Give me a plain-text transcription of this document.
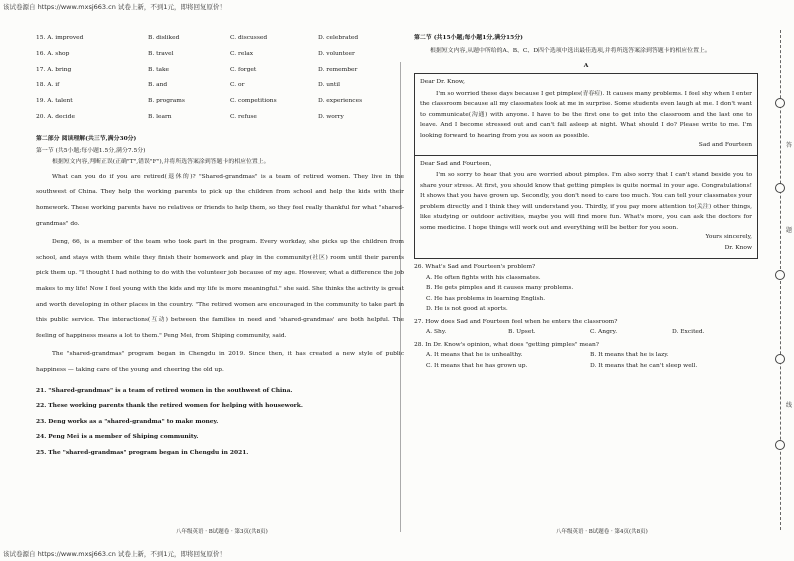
该试卷源自 https://www.mxsj663.cn 试卷上新，不到1元，即将回复原价！
答
题
线
15. A. improved	B. disliked	C. discussed	D. celebrated
16. A. shop	B. travel	C. relax	D. volunteer
17. A. bring	B. take	C. forget	D. remember
18. A. if	B. and	C. or	D. until
19. A. talent	B. programs	C. competitions	D. experiences
20. A. decide	B. learn	C. refuse	D. worry
第二部分 阅读理解(共三节,满分30分)
第一节 (共5小题;每小题1.5分,满分7.5分)

根据短文内容,判断正误(正确"T",错误"F"),并将所选答案涂到答题卡的相应位置上。

What can you do if you are retired(退休的)? "Shared-grandmas" is a team of retired women. They live in the southwest of China. They help the working parents to pick up the children from school and help the kids with their homework. These working parents have no relatives or friends to help them, so they feel really thankful for what "shared-grandmas" do.

Deng, 66, is a member of the team who took part in the program. Every workday, she picks up the children from school, and stays with them while they finish their homework and play in the community(社区) room until their parents pick them up. "I thought I had nothing to do with the volunteer job because of my age. However, what a difference the job makes to my life! Now I feel young with the kids and my life is more meaningful." she said. She thinks the activity is great and worth developing in other places in the country. "The retired women are encouraged in the community to take part in this public service. The interactions(互动) between the families in need and 'shared-grandmas' are both helpful. The feeling of happiness means a lot to them." Peng Mei, from Shiping community, said.

The "shared-grandmas" program began in Chengdu in 2019. Since then, it has created a new style of public happiness — taking care of the young and cheering the old up.

21. "Shared-grandmas" is a team of retired women in the southwest of China.
22. These working parents thank the retired women for helping with housework.
23. Deng works as a "shared-grandma" to make money.
24. Peng Mei is a member of Shiping community.
25. The "shared-grandmas" program began in Chengdu in 2021.
第二节 (共15小题;每小题1分,满分15分)

根据短文内容,从题中所给的A、B、C、D四个选项中选出最佳选项,并将所选答案涂到答题卡的相应位置上。

A
Dear Dr. Know,

I'm so worried these days because I get pimples(青春痘). It causes many problems. I feel shy when I enter the classroom because all my classmates look at me in surprise. Some students even laugh at me. I don't want to communicate(沟通) with anyone. I have to be the first one to get into the classroom and the last one to leave. And I become stressed out and can't fall asleep at night. What should I do? Please write to me. I'm looking forward to hearing from you as soon as possible.

Sad and Fourteen
Dear Sad and Fourteen,

I'm so sorry to hear that you are worried about pimples. I'm also sorry that I can't stand beside you to share your stress. At first, you should know that getting pimples is quite normal in your age. Congratulations! It shows that you have grown up. Secondly, you don't need to care too much. You can tell your classmates your problem directly and I think they will understand you. Thirdly, if you pay more attention to(关注) other things, like studying or outdoor activities, maybe you will find more fun. What's more, you can ask the doctors for some medicine. I hope things will work out and everything will be better for you soon.

Yours sincerely,
Dr. Know
26. What's Sad and Fourteen's problem?
A. He often fights with his classmates.
B. He gets pimples and it causes many problems.
C. He has problems in learning English.
D. He is not good at sports.
27. How does Sad and Fourteen feel when he enters the classroom?
A. Shy.	B. Upset.	C. Angry.	D. Excited.
28. In Dr. Know's opinion, what does "getting pimples" mean?
A. It means that he is unhealthy.	B. It means that he is lazy.
C. It means that he has grown up.	D. It means that he can't sleep well.
八年级英语 · B试题卷 · 第3页(共8页)	八年级英语 · B试题卷 · 第4页(共8页)
该试卷源自 https://www.mxsj663.cn 试卷上新，不到1元，即将回复原价！
